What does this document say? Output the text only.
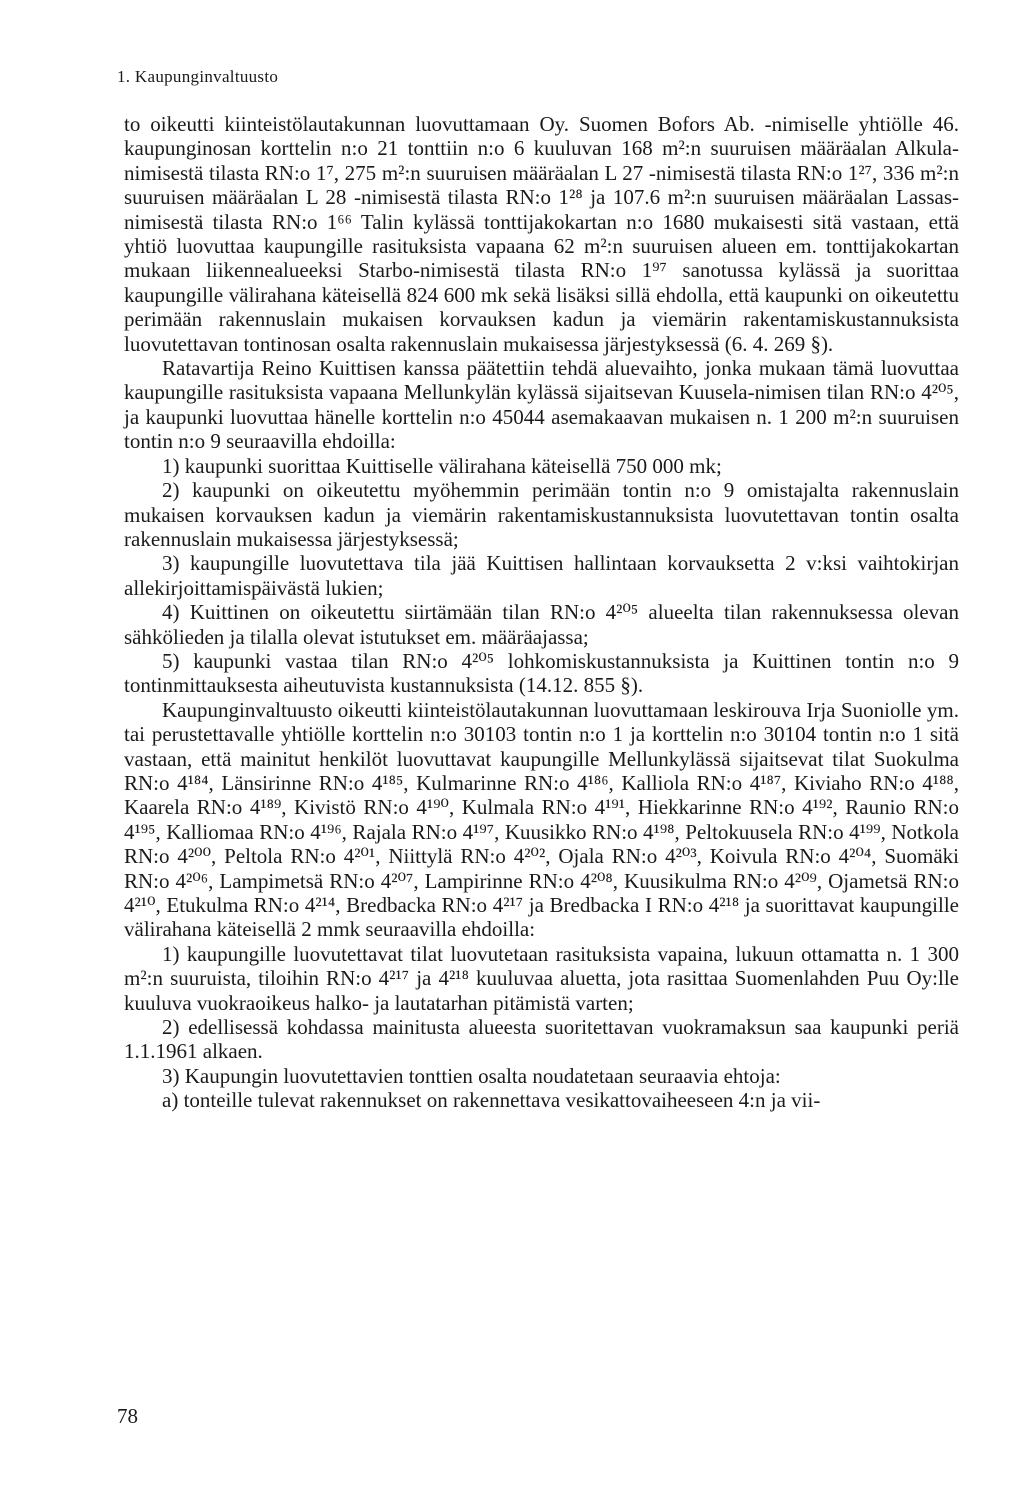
1. Kaupunginvaltuusto

to oikeutti kiinteistölautakunnan luovuttamaan Oy. Suomen Bofors Ab. -nimiselle yhtiölle 46. kaupunginosan korttelin n:o 21 tonttiin n:o 6 kuuluvan 168 m²:n suuruisen määräalan Alkula-nimisestä tilasta RN:o 1⁷, 275 m²:n suuruisen määräalan L 27 -nimisestä tilasta RN:o 1²⁷, 336 m²:n suuruisen määräalan L 28 -nimisestä tilasta RN:o 1²⁸ ja 107.6 m²:n suuruisen määräalan Lassas-nimisestä tilasta RN:o 1⁶⁶ Talin kylässä tonttijakokartan n:o 1680 mukaisesti sitä vastaan, että yhtiö luovuttaa kaupungille rasituksista vapaana 62 m²:n suuruisen alueen em. tonttijakokartan mukaan liikennealueeksi Starbo-nimisestä tilasta RN:o 1⁹⁷ sanotussa kylässä ja suorittaa kaupungille välirahana käteisellä 824 600 mk sekä lisäksi sillä ehdolla, että kaupunki on oikeutettu perimään rakennuslain mukaisen korvauksen kadun ja viemärin rakentamiskustannuksista luovutettavan tontinosan osalta rakennuslain mukaisessa järjestyksessä (6. 4. 269 §).

Ratavartija Reino Kuittisen kanssa päätettiin tehdä aluevaihto, jonka mukaan tämä luovuttaa kaupungille rasituksista vapaana Mellunkylän kylässä sijaitsevan Kuusela-nimisen tilan RN:o 4²⁰⁵, ja kaupunki luovuttaa hänelle korttelin n:o 45044 asemakaavan mukaisen n. 1 200 m²:n suuruisen tontin n:o 9 seuraavilla ehdoilla:

1) kaupunki suorittaa Kuittiselle välirahana käteisellä 750 000 mk;

2) kaupunki on oikeutettu myöhemmin perimään tontin n:o 9 omistajalta rakennuslain mukaisen korvauksen kadun ja viemärin rakentamiskustannuksista luovutettavan tontin osalta rakennuslain mukaisessa järjestyksessä;

3) kaupungille luovutettava tila jää Kuittisen hallintaan korvauksetta 2 v:ksi vaihtokirjan allekirjoittamispäivästä lukien;

4) Kuittinen on oikeutettu siirtämään tilan RN:o 4²⁰⁵ alueelta tilan rakennuksessa olevan sähkölieden ja tilalla olevat istutukset em. määräajassa;

5) kaupunki vastaa tilan RN:o 4²⁰⁵ lohkomiskustannuksista ja Kuittinen tontin n:o 9 tontinmittauksesta aiheutuvista kustannuksista (14.12. 855 §).

Kaupunginvaltuusto oikeutti kiinteistölautakunnan luovuttamaan leskirouva Irja Suoniolle ym. tai perustettavalle yhtiölle korttelin n:o 30103 tontin n:o 1 ja korttelin n:o 30104 tontin n:o 1 sitä vastaan, että mainitut henkilöt luovuttavat kaupungille Mellunkylässä sijaitsevat tilat Suokulma RN:o 4¹⁸⁴, Länsirinne RN:o 4¹⁸⁵, Kulmarinne RN:o 4¹⁸⁶, Kalliola RN:o 4¹⁸⁷, Kiviaho RN:o 4¹⁸⁸, Kaarela RN:o 4¹⁸⁹, Kivistö RN:o 4¹⁹⁰, Kulmala RN:o 4¹⁹¹, Hiekkarinne RN:o 4¹⁹², Raunio RN:o 4¹⁹⁵, Kalliomaa RN:o 4¹⁹⁶, Rajala RN:o 4¹⁹⁷, Kuusikko RN:o 4¹⁹⁸, Peltokuusela RN:o 4¹⁹⁹, Notkola RN:o 4²⁰⁰, Peltola RN:o 4²⁰¹, Niittylä RN:o 4²⁰², Ojala RN:o 4²⁰³, Koivula RN:o 4²⁰⁴, Suomäki RN:o 4²⁰⁶, Lampimetsä RN:o 4²⁰⁷, Lampirinne RN:o 4²⁰⁸, Kuusikulma RN:o 4²⁰⁹, Ojametsä RN:o 4²¹⁰, Etukulma RN:o 4²¹⁴, Bredbacka RN:o 4²¹⁷ ja Bredbacka I RN:o 4²¹⁸ ja suorittavat kaupungille välirahana käteisellä 2 mmk seuraavilla ehdoilla:

1) kaupungille luovutettavat tilat luovutetaan rasituksista vapaina, lukuun ottamatta n. 1 300 m²:n suuruista, tiloihin RN:o 4²¹⁷ ja 4²¹⁸ kuuluvaa aluetta, jota rasittaa Suomenlahden Puu Oy:lle kuuluva vuokraoikeus halko- ja lautatarhan pitämistä varten;

2) edellisessä kohdassa mainitusta alueesta suoritettavan vuokramaksun saa kaupunki periä 1.1.1961 alkaen.

3) Kaupungin luovutettavien tonttien osalta noudatetaan seuraavia ehtoja:

a) tonteille tulevat rakennukset on rakennettava vesikattovaiheeseen 4:n ja vii-

78
